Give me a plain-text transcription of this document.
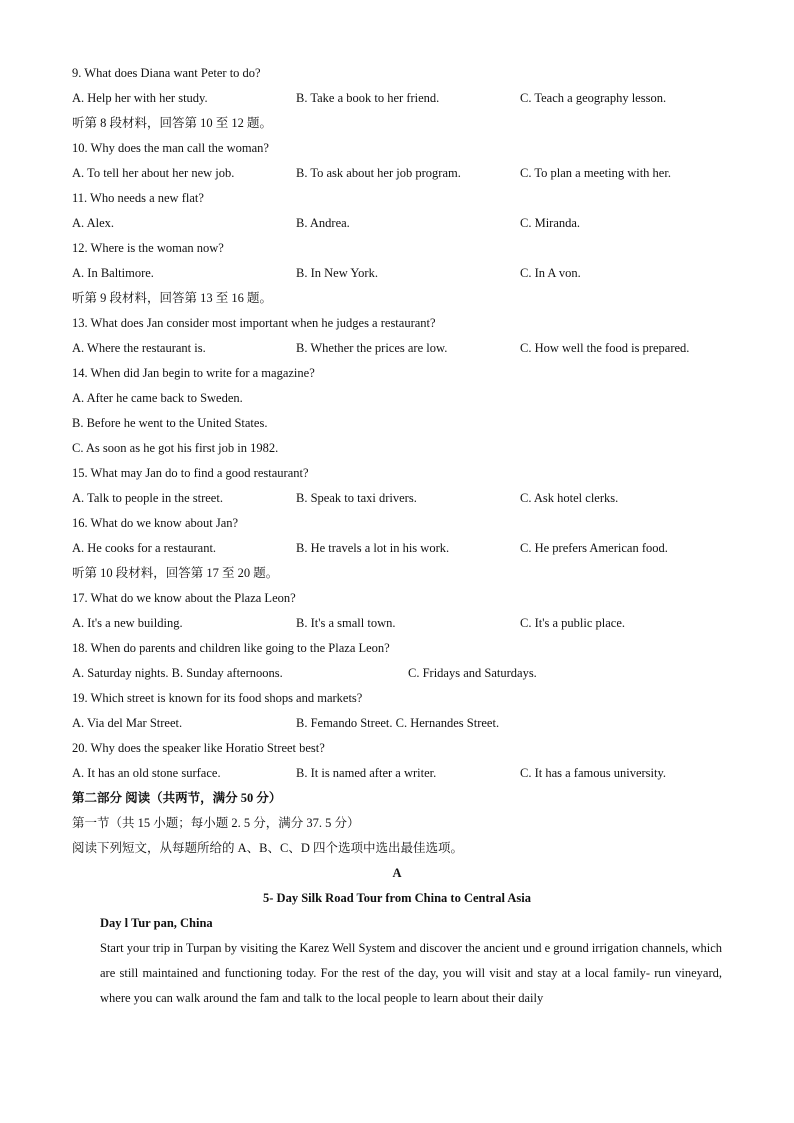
9. What does Diana want Peter to do?
A. Help her with her study.	B. Take a book to her friend.	C. Teach a geography lesson.
听第 8 段材料，回答第 10 至 12 题。
10. Why does the man call the woman?
A. To tell her about her new job.	B. To ask about her job program.	C. To plan a meeting with her.
11. Who needs a new flat?
A. Alex.	B. Andrea.	C. Miranda.
12. Where is the woman now?
A. In Baltimore.	B. In New York.	C. In A von.
听第 9 段材料，回答第 13 至 16 题。
13. What does Jan consider most important when he judges a restaurant?
A. Where the restaurant is.	B. Whether the prices are low.	C. How well the food is prepared.
14. When did Jan begin to write for a magazine?
A. After he came back to Sweden.
B. Before he went to the United States.
C. As soon as he got his first job in 1982.
15. What may Jan do to find a good restaurant?
A. Talk to people in the street.	B. Speak to taxi drivers.	C. Ask hotel clerks.
16. What do we know about Jan?
A. He cooks for a restaurant.	B. He travels a lot in his work.	C. He prefers American food.
听第 10 段材料，回答第 17 至 20 题。
17. What do we know about the Plaza Leon?
A. It's a new building.	B. It's a small town.	C. It's a public place.
18. When do parents and children like going to the Plaza Leon?
A. Saturday nights. B. Sunday afternoons.	C. Fridays and Saturdays.
19. Which street is known for its food shops and markets?
A. Via del Mar Street.	B. Femando Street. C. Hernandes Street.
20. Why does the speaker like Horatio Street best?
A. It has an old stone surface.	B. It is named after a writer.	C. It has a famous university.
第二部分 阅读（共两节，满分 50 分）
第一节（共 15 小题；每小题 2. 5 分，满分 37. 5 分）
阅读下列短文，从每题所给的 A、B、C、D 四个选项中选出最佳选项。
A
5- Day Silk Road Tour from China to Central Asia
Day l Tur pan, China
Start your trip in Turpan by visiting the Karez Well System and discover the ancient und e ground irrigation channels, which are still maintained and functioning today. For the rest of the day, you will visit and stay at a local family- run vineyard, where you can walk around the fam and talk to the local people to learn about their daily
